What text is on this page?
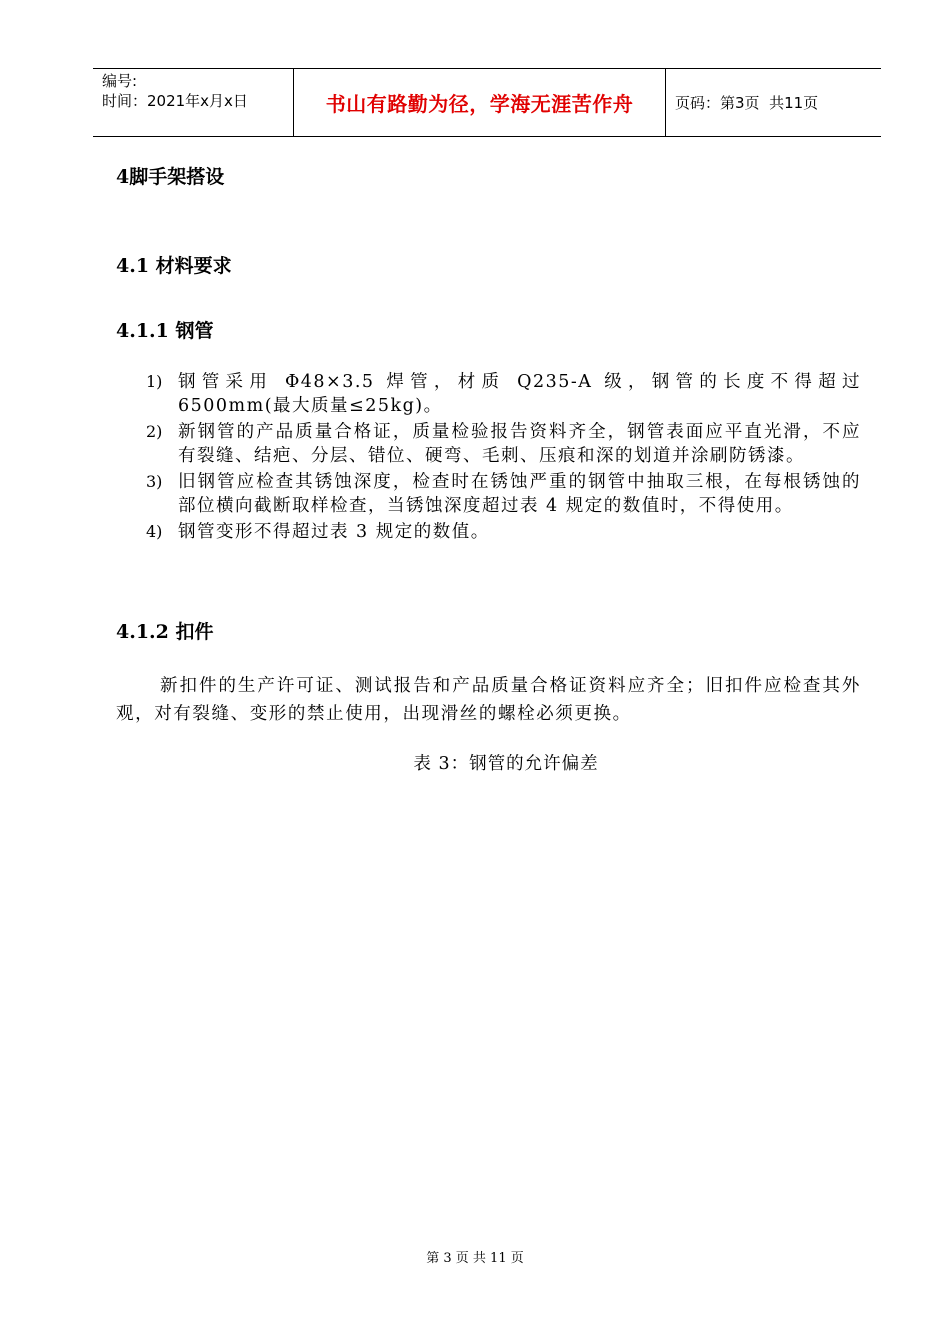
编号:
时间：2021年x月x日	书山有路勤为径，学海无涯苦作舟	页码：第3页  共11页
4脚手架搭设
4.1 材料要求
4.1.1 钢管
1) 钢管采用 Φ48×3.5 焊管，材质 Q235-A 级，钢管的长度不得超过 6500mm(最大质量≤25kg)。
2) 新钢管的产品质量合格证，质量检验报告资料齐全，钢管表面应平直光滑，不应有裂缝、结疤、分层、错位、硬弯、毛刺、压痕和深的划道并涂刷防锈漆。
3) 旧钢管应检查其锈蚀深度，检查时在锈蚀严重的钢管中抽取三根，在每根锈蚀的部位横向截断取样检查，当锈蚀深度超过表 4 规定的数值时，不得使用。
4) 钢管变形不得超过表 3 规定的数值。
4.1.2 扣件
新扣件的生产许可证、测试报告和产品质量合格证资料应齐全；旧扣件应检查其外观，对有裂缝、变形的禁止使用，出现滑丝的螺栓必须更换。
表 3：钢管的允许偏差
第 3 页 共 11 页
